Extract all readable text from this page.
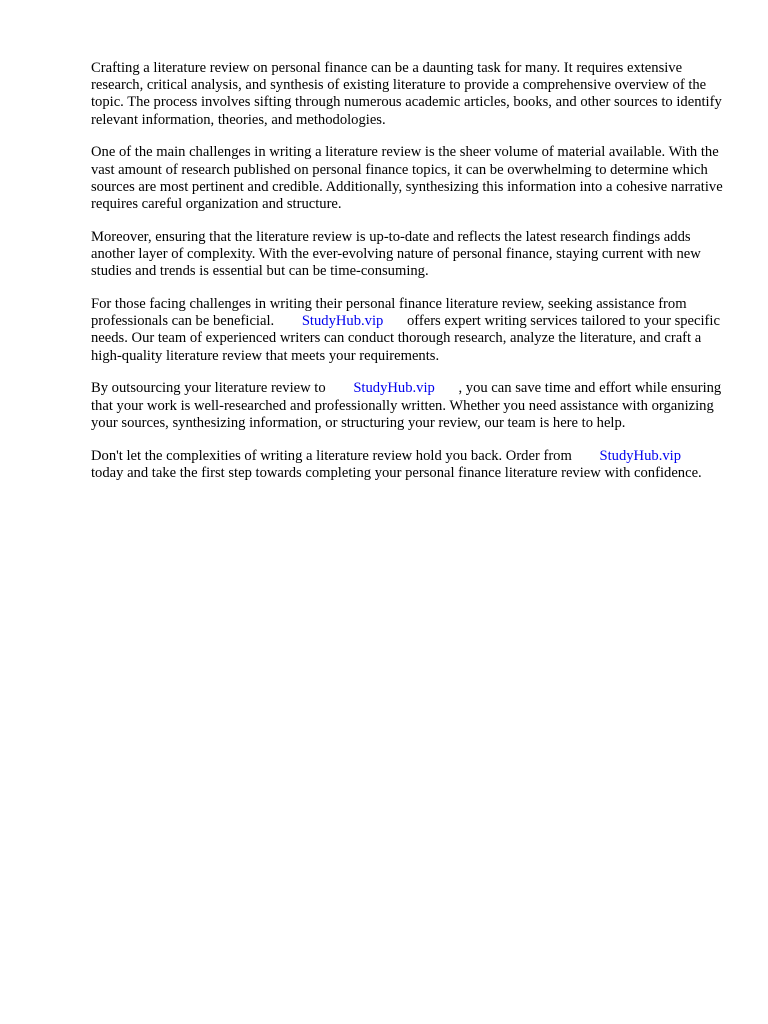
Crafting a literature review on personal finance can be a daunting task for many. It requires extensive research, critical analysis, and synthesis of existing literature to provide a comprehensive overview of the topic. The process involves sifting through numerous academic articles, books, and other sources to identify relevant information, theories, and methodologies.

One of the main challenges in writing a literature review is the sheer volume of material available. With the vast amount of research published on personal finance topics, it can be overwhelming to determine which sources are most pertinent and credible. Additionally, synthesizing this information into a cohesive narrative requires careful organization and structure.

Moreover, ensuring that the literature review is up-to-date and reflects the latest research findings adds another layer of complexity. With the ever-evolving nature of personal finance, staying current with new studies and trends is essential but can be time-consuming.

For those facing challenges in writing their personal finance literature review, seeking assistance from professionals can be beneficial. StudyHub.vip offers expert writing services tailored to your specific needs. Our team of experienced writers can conduct thorough research, analyze the literature, and craft a high-quality literature review that meets your requirements.

By outsourcing your literature review to StudyHub.vip , you can save time and effort while ensuring that your work is well-researched and professionally written. Whether you need assistance with organizing your sources, synthesizing information, or structuring your review, our team is here to help.

Don't let the complexities of writing a literature review hold you back. Order from StudyHub.vip today and take the first step towards completing your personal finance literature review with confidence.
